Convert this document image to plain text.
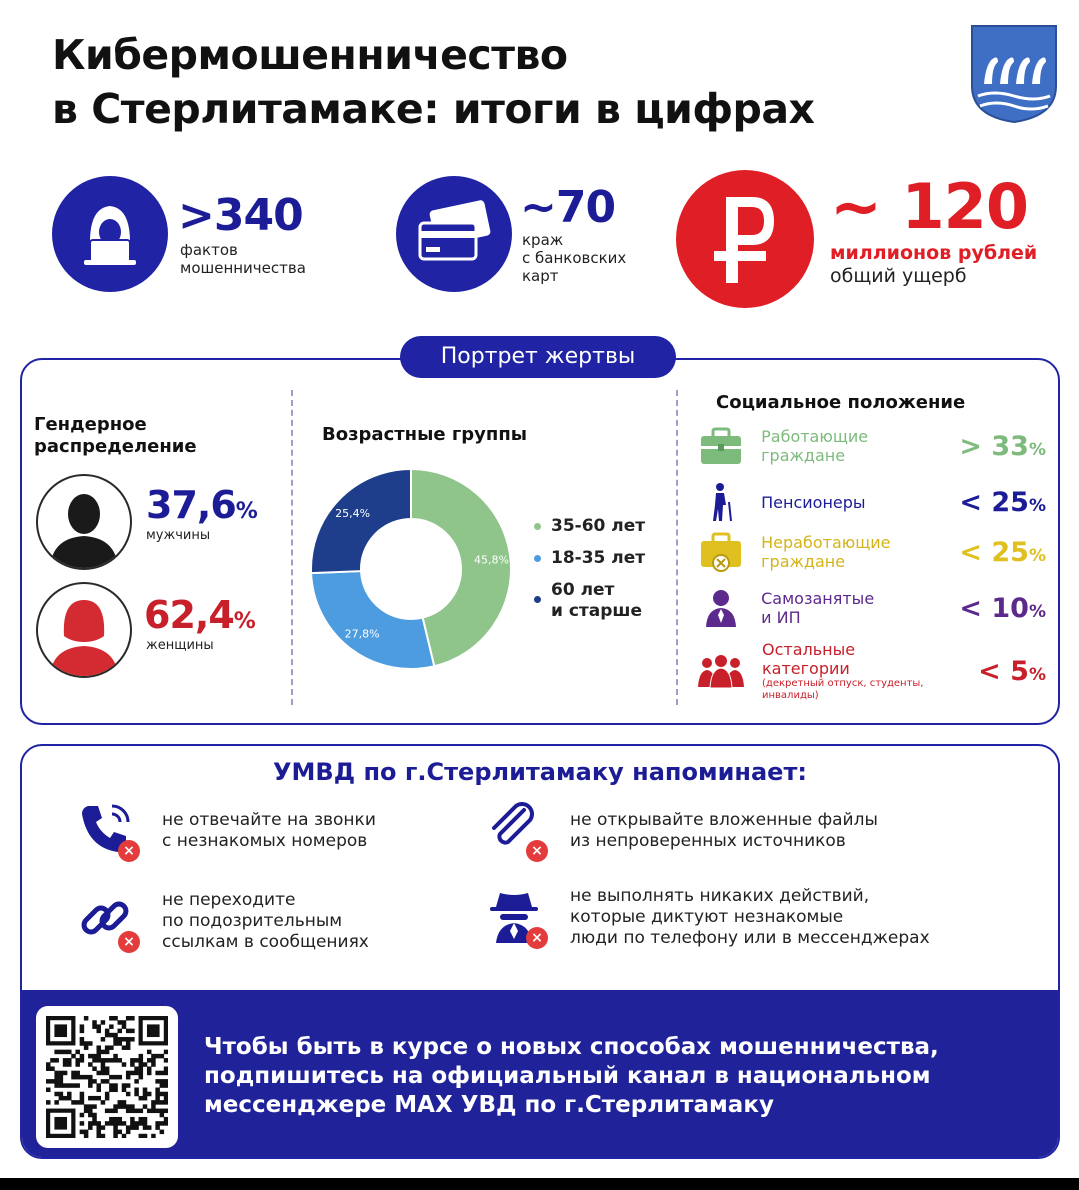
Кибермошенничество
в Стерлитамаке: итоги в цифрах
>340
фактов
мошенничества
~70
краж
с банковских
карт
~ 120
миллионов рублей
общий ущерб
Портрет жертвы
Гендерное
распределение
37,6%
мужчины
62,4%
женщины
Возрастные группы
45,8%
27,8%
25,4%
35-60 лет
18-35 лет
60 лет
и старше
Социальное положение
Работающие
граждане	> 33%
Пенсионеры	< 25%
Неработающие
граждане	< 25%
Самозанятые
и ИП	< 10%
Остальные
категории
(декретный отпуск, студенты, инвалиды)
< 5%
УМВД по г.Стерлитамаку напоминает:
×
не отвечайте на звонки
с незнакомых номеров	×
не открывайте вложенные файлы
из непроверенных источников
×
не переходите
по подозрительным
ссылкам в сообщениях	×
не выполнять никаких действий,
которые диктуют незнакомые
люди по телефону или в мессенджерах
Чтобы быть в курсе о новых способах мошенничества,
подпишитесь на официальный канал в национальном
мессенджере МАХ УВД по г.Стерлитамаку
